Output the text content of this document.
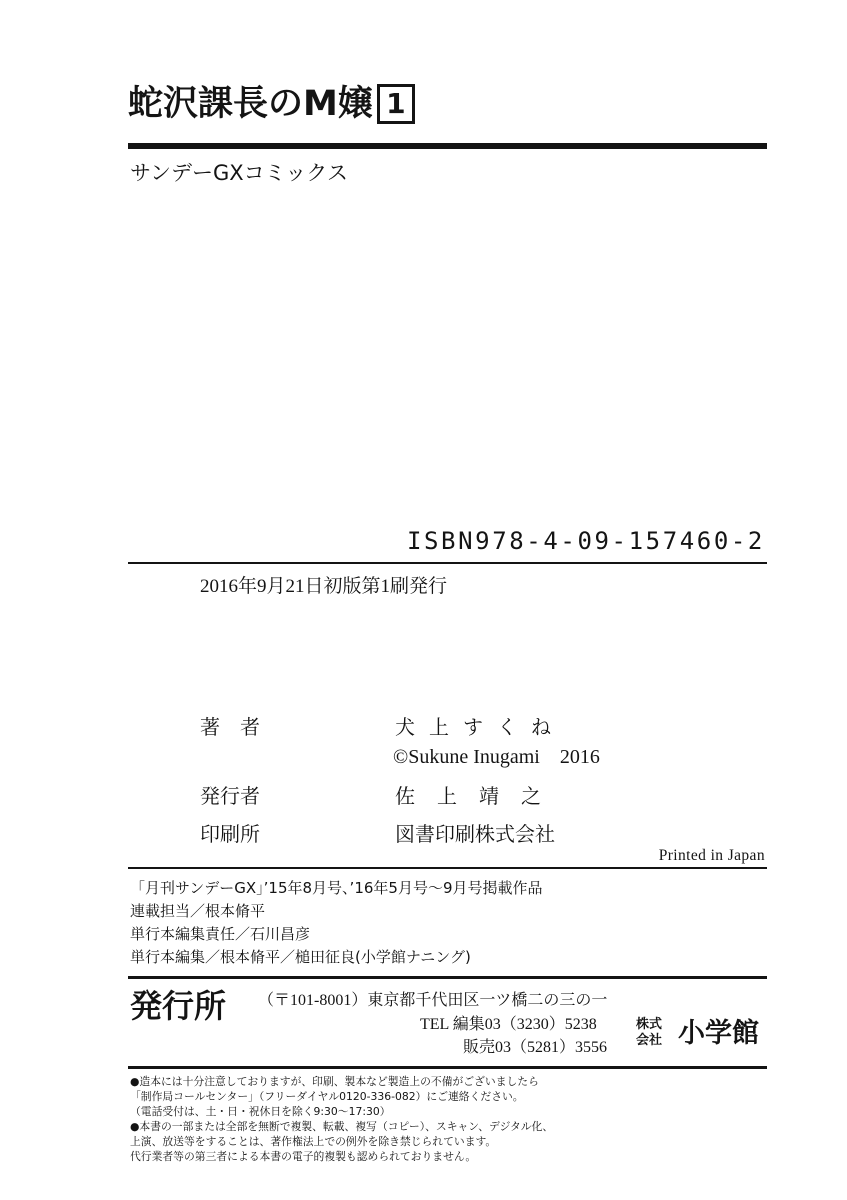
蛇沢課長のM嬢 1
サンデーGXコミックス
ISBN978-4-09-157460-2
2016年9月21日初版第1刷発行
著　者	犬上すくね
©Sukune Inugami　2016
発行者	佐上靖之
印刷所	図書印刷株式会社
Printed in Japan
「月刊サンデーGX」’15年8月号、’16年5月号〜9月号掲載作品
連載担当／根本脩平
単行本編集責任／石川昌彦
単行本編集／根本脩平／槌田征良(小学館ナニング)
発行所 （〒101-8001）東京都千代田区一ツ橋二の三の一
TEL 編集03（3230）5238
販売03（5281）3556
株式
会社 小学館
●造本には十分注意しておりますが、印刷、製本など製造上の不備がございましたら
「制作局コールセンター」（フリーダイヤル0120-336-082）にご連絡ください。
（電話受付は、土・日・祝休日を除く9:30〜17:30）
●本書の一部または全部を無断で複製、転載、複写（コピー）、スキャン、デジタル化、
上演、放送等をすることは、著作権法上での例外を除き禁じられています。
代行業者等の第三者による本書の電子的複製も認められておりません。
